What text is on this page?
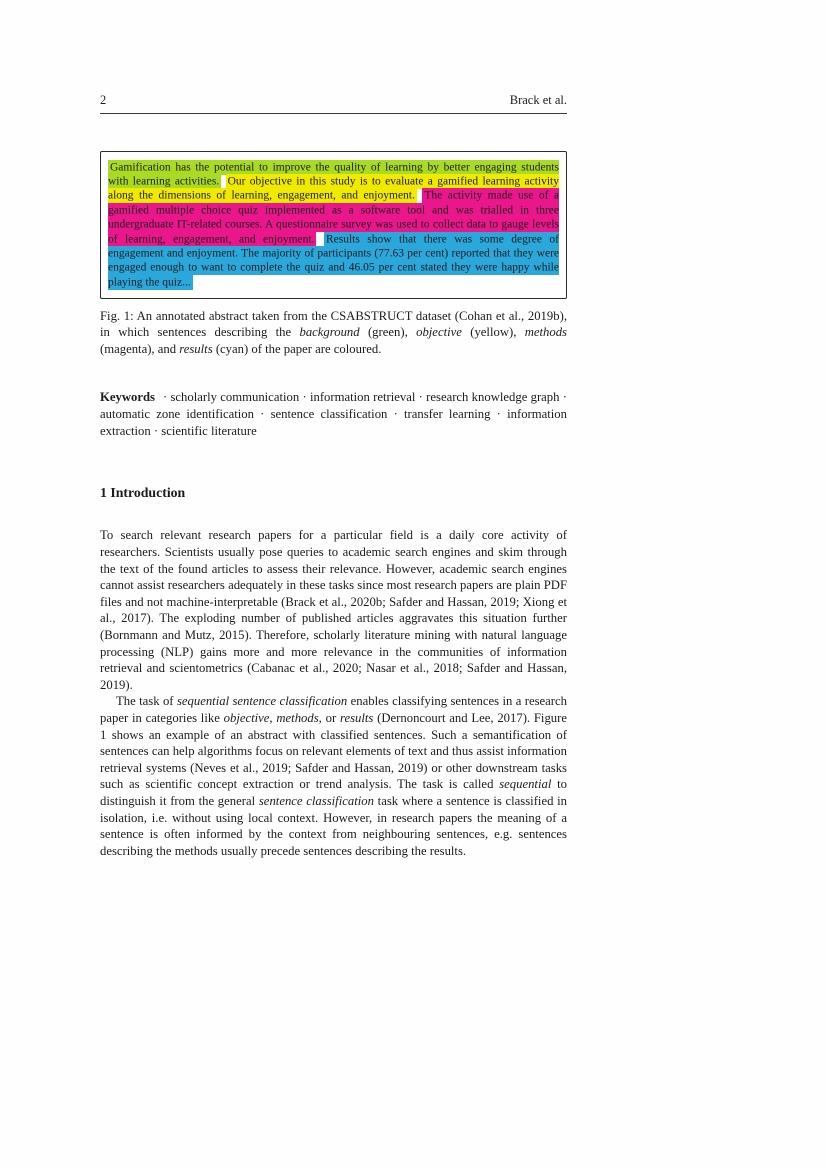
2	Brack et al.
Gamification has the potential to improve the quality of learning by better engaging students with learning activities. Our objective in this study is to evaluate a gamified learning activity along the dimensions of learning, engagement, and enjoyment. The activity made use of a gamified multiple choice quiz implemented as a software tool and was trialled in three undergraduate IT-related courses. A questionnaire survey was used to collect data to gauge levels of learning, engagement, and enjoyment. Results show that there was some degree of engagement and enjoyment. The majority of participants (77.63 per cent) reported that they were engaged enough to want to complete the quiz and 46.05 per cent stated they were happy while playing the quiz...
Fig. 1: An annotated abstract taken from the CSABSTRUCT dataset (Cohan et al., 2019b), in which sentences describing the background (green), objective (yellow), methods (magenta), and results (cyan) of the paper are coloured.
Keywords · scholarly communication · information retrieval · research knowledge graph · automatic zone identification · sentence classification · transfer learning · information extraction · scientific literature
1 Introduction

To search relevant research papers for a particular field is a daily core activity of researchers. Scientists usually pose queries to academic search engines and skim through the text of the found articles to assess their relevance. However, academic search engines cannot assist researchers adequately in these tasks since most research papers are plain PDF files and not machine-interpretable (Brack et al., 2020b; Safder and Hassan, 2019; Xiong et al., 2017). The exploding number of published articles aggravates this situation further (Bornmann and Mutz, 2015). Therefore, scholarly literature mining with natural language processing (NLP) gains more and more relevance in the communities of information retrieval and scientometrics (Cabanac et al., 2020; Nasar et al., 2018; Safder and Hassan, 2019).

The task of sequential sentence classification enables classifying sentences in a research paper in categories like objective, methods, or results (Dernoncourt and Lee, 2017). Figure 1 shows an example of an abstract with classified sentences. Such a semantification of sentences can help algorithms focus on relevant elements of text and thus assist information retrieval systems (Neves et al., 2019; Safder and Hassan, 2019) or other downstream tasks such as scientific concept extraction or trend analysis. The task is called sequential to distinguish it from the general sentence classification task where a sentence is classified in isolation, i.e. without using local context. However, in research papers the meaning of a sentence is often informed by the context from neighbouring sentences, e.g. sentences describing the methods usually precede sentences describing the results.
